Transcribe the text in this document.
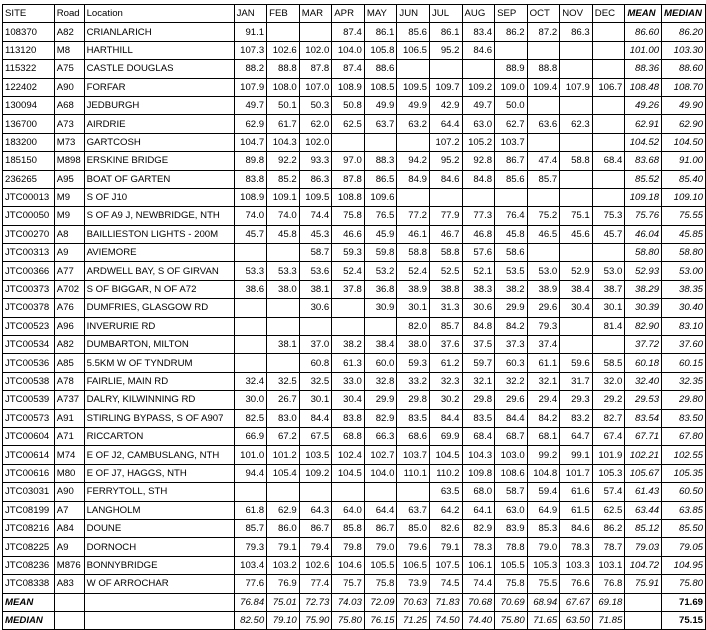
SITE	Road	Location	JAN	FEB	MAR	APR	MAY	JUN	JUL	AUG	SEP	OCT	NOV	DEC	MEAN	MEDIAN
108370	A82	CRIANLARICH	91.1			87.4	86.1	85.6	86.1	83.4	86.2	87.2	86.3		86.60	86.20
113120	M8	HARTHILL	107.3	102.6	102.0	104.0	105.8	106.5	95.2	84.6					101.00	103.30
115322	A75	CASTLE DOUGLAS	88.2	88.8	87.8	87.4	88.6				88.9	88.8			88.36	88.60
122402	A90	FORFAR	107.9	108.0	107.0	108.9	108.5	109.5	109.7	109.2	109.0	109.4	107.9	106.7	108.48	108.70
130094	A68	JEDBURGH	49.7	50.1	50.3	50.8	49.9	49.9	42.9	49.7	50.0				49.26	49.90
136700	A73	AIRDRIE	62.9	61.7	62.0	62.5	63.7	63.2	64.4	63.0	62.7	63.6	62.3		62.91	62.90
183200	M73	GARTCOSH	104.7	104.3	102.0				107.2	105.2	103.7				104.52	104.50
185150	M898	ERSKINE BRIDGE	89.8	92.2	93.3	97.0	88.3	94.2	95.2	92.8	86.7	47.4	58.8	68.4	83.68	91.00
236265	A95	BOAT OF GARTEN	83.8	85.2	86.3	87.8	86.5	84.9	84.6	84.8	85.6	85.7			85.52	85.40
JTC00013	M9	S OF J10	108.9	109.1	109.5	108.8	109.6								109.18	109.10
JTC00050	M9	S OF A9 J, NEWBRIDGE, NTH	74.0	74.0	74.4	75.8	76.5	77.2	77.9	77.3	76.4	75.2	75.1	75.3	75.76	75.55
JTC00270	A8	BAILLIESTON LIGHTS - 200M	45.7	45.8	45.3	46.6	45.9	46.1	46.7	46.8	45.8	46.5	45.6	45.7	46.04	45.85
JTC00313	A9	AVIEMORE			58.7	59.3	59.8	58.8	58.8	57.6	58.6				58.80	58.80
JTC00366	A77	ARDWELL BAY, S OF GIRVAN	53.3	53.3	53.6	52.4	53.2	52.4	52.5	52.1	53.5	53.0	52.9	53.0	52.93	53.00
JTC00373	A702	S OF BIGGAR, N OF A72	38.6	38.0	38.1	37.8	36.8	38.9	38.8	38.3	38.2	38.9	38.4	38.7	38.29	38.35
JTC00378	A76	DUMFRIES, GLASGOW RD			30.6		30.9	30.1	31.3	30.6	29.9	29.6	30.4	30.1	30.39	30.40
JTC00523	A96	INVERURIE RD						82.0	85.7	84.8	84.2	79.3		81.4	82.90	83.10
JTC00534	A82	DUMBARTON, MILTON		38.1	37.0	38.2	38.4	38.0	37.6	37.5	37.3	37.4			37.72	37.60
JTC00536	A85	5.5KM W OF TYNDRUM			60.8	61.3	60.0	59.3	61.2	59.7	60.3	61.1	59.6	58.5	60.18	60.15
JTC00538	A78	FAIRLIE, MAIN RD	32.4	32.5	32.5	33.0	32.8	33.2	32.3	32.1	32.2	32.1	31.7	32.0	32.40	32.35
JTC00539	A737	DALRY, KILWINNING RD	30.0	26.7	30.1	30.4	29.9	29.8	30.2	29.8	29.6	29.4	29.3	29.2	29.53	29.80
JTC00573	A91	STIRLING BYPASS, S OF A907	82.5	83.0	84.4	83.8	82.9	83.5	84.4	83.5	84.4	84.2	83.2	82.7	83.54	83.50
JTC00604	A71	RICCARTON	66.9	67.2	67.5	68.8	66.3	68.6	69.9	68.4	68.7	68.1	64.7	67.4	67.71	67.80
JTC00614	M74	E OF J2, CAMBUSLANG, NTH	101.0	101.2	103.5	102.4	102.7	103.7	104.5	104.3	103.0	99.2	99.1	101.9	102.21	102.55
JTC00616	M80	E OF J7, HAGGS, NTH	94.4	105.4	109.2	104.5	104.0	110.1	110.2	109.8	108.6	104.8	101.7	105.3	105.67	105.35
JTC03031	A90	FERRYTOLL, STH							63.5	68.0	58.7	59.4	61.6	57.4	61.43	60.50
JTC08199	A7	LANGHOLM	61.8	62.9	64.3	64.0	64.4	63.7	64.2	64.1	63.0	64.9	61.5	62.5	63.44	63.85
JTC08216	A84	DOUNE	85.7	86.0	86.7	85.8	86.7	85.0	82.6	82.9	83.9	85.3	84.6	86.2	85.12	85.50
JTC08225	A9	DORNOCH	79.3	79.1	79.4	79.8	79.0	79.6	79.1	78.3	78.8	79.0	78.3	78.7	79.03	79.05
JTC08236	M876	BONNYBRIDGE	103.4	103.2	102.6	104.6	105.5	106.5	107.5	106.1	105.5	105.3	103.3	103.1	104.72	104.95
JTC08338	A83	W OF ARROCHAR	77.6	76.9	77.4	75.7	75.8	73.9	74.5	74.4	75.8	75.5	76.6	76.8	75.91	75.80
MEAN			76.84	75.01	72.73	74.03	72.09	70.63	71.83	70.68	70.69	68.94	67.67	69.18		71.69
MEDIAN			82.50	79.10	75.90	75.80	76.15	71.25	74.50	74.40	75.80	71.65	63.50	71.85		75.15
